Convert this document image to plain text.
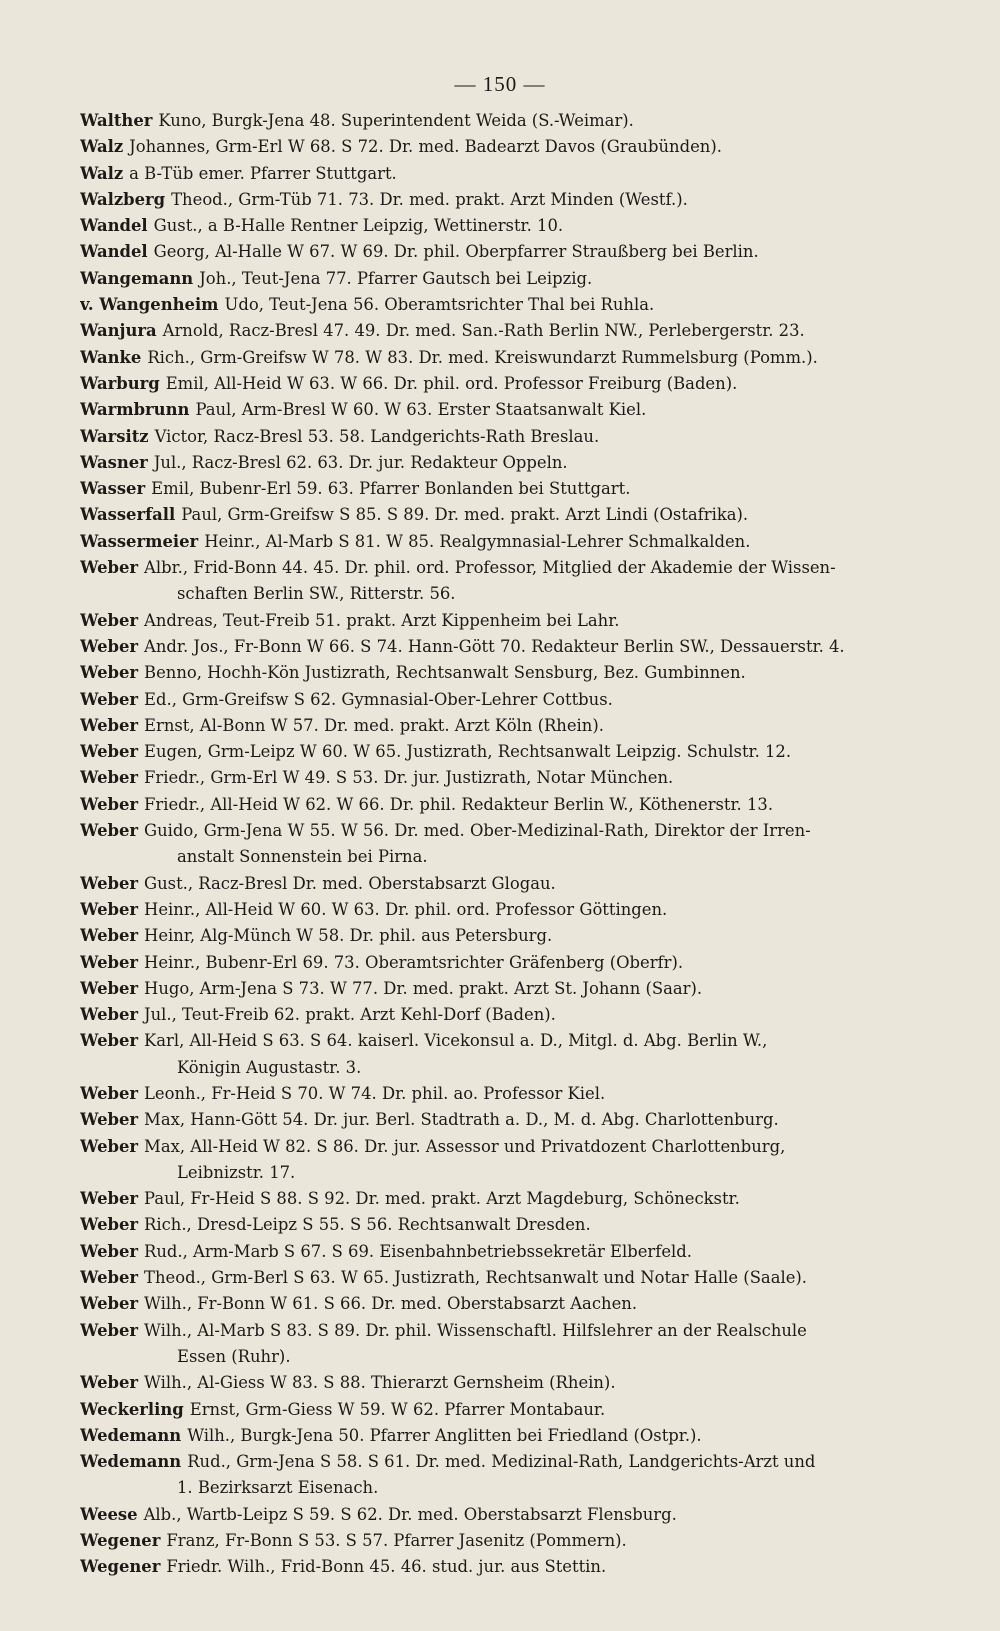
— 150 —
Walther Kuno, Burgk-Jena 48. Superintendent Weida (S.-Weimar).
Walz Johannes, Grm-Erl W 68. S 72. Dr. med. Badearzt Davos (Graubünden).
Walz a B-Tüb emer. Pfarrer Stuttgart.
Walzberg Theod., Grm-Tüb 71. 73. Dr. med. prakt. Arzt Minden (Westf.).
Wandel Gust., a B-Halle Rentner Leipzig, Wettinerstr. 10.
Wandel Georg, Al-Halle W 67. W 69. Dr. phil. Oberpfarrer Straußberg bei Berlin.
Wangemann Joh., Teut-Jena 77. Pfarrer Gautsch bei Leipzig.
v. Wangenheim Udo, Teut-Jena 56. Oberamtsrichter Thal bei Ruhla.
Wanjura Arnold, Racz-Bresl 47. 49. Dr. med. San.-Rath Berlin NW., Perlebergerstr. 23.
Wanke Rich., Grm-Greifsw W 78. W 83. Dr. med. Kreiswundarzt Rummelsburg (Pomm.).
Warburg Emil, All-Heid W 63. W 66. Dr. phil. ord. Professor Freiburg (Baden).
Warmbrunn Paul, Arm-Bresl W 60. W 63. Erster Staatsanwalt Kiel.
Warsitz Victor, Racz-Bresl 53. 58. Landgerichts-Rath Breslau.
Wasner Jul., Racz-Bresl 62. 63. Dr. jur. Redakteur Oppeln.
Wasser Emil, Bubenr-Erl 59. 63. Pfarrer Bonlanden bei Stuttgart.
Wasserfall Paul, Grm-Greifsw S 85. S 89. Dr. med. prakt. Arzt Lindi (Ostafrika).
Wassermeier Heinr., Al-Marb S 81. W 85. Realgymnasial-Lehrer Schmalkalden.
Weber Albr., Frid-Bonn 44. 45. Dr. phil. ord. Professor, Mitglied der Akademie der Wissen-
schaften Berlin SW., Ritterstr. 56.
Weber Andreas, Teut-Freib 51. prakt. Arzt Kippenheim bei Lahr.
Weber Andr. Jos., Fr-Bonn W 66. S 74. Hann-Gött 70. Redakteur Berlin SW., Dessauerstr. 4.
Weber Benno, Hochh-Kön Justizrath, Rechtsanwalt Sensburg, Bez. Gumbinnen.
Weber Ed., Grm-Greifsw S 62. Gymnasial-Ober-Lehrer Cottbus.
Weber Ernst, Al-Bonn W 57. Dr. med. prakt. Arzt Köln (Rhein).
Weber Eugen, Grm-Leipz W 60. W 65. Justizrath, Rechtsanwalt Leipzig. Schulstr. 12.
Weber Friedr., Grm-Erl W 49. S 53. Dr. jur. Justizrath, Notar München.
Weber Friedr., All-Heid W 62. W 66. Dr. phil. Redakteur Berlin W., Köthenerstr. 13.
Weber Guido, Grm-Jena W 55. W 56. Dr. med. Ober-Medizinal-Rath, Direktor der Irren-
anstalt Sonnenstein bei Pirna.
Weber Gust., Racz-Bresl Dr. med. Oberstabsarzt Glogau.
Weber Heinr., All-Heid W 60. W 63. Dr. phil. ord. Professor Göttingen.
Weber Heinr, Alg-Münch W 58. Dr. phil. aus Petersburg.
Weber Heinr., Bubenr-Erl 69. 73. Oberamtsrichter Gräfenberg (Oberfr).
Weber Hugo, Arm-Jena S 73. W 77. Dr. med. prakt. Arzt St. Johann (Saar).
Weber Jul., Teut-Freib 62. prakt. Arzt Kehl-Dorf (Baden).
Weber Karl, All-Heid S 63. S 64. kaiserl. Vicekonsul a. D., Mitgl. d. Abg. Berlin W.,
Königin Augustastr. 3.
Weber Leonh., Fr-Heid S 70. W 74. Dr. phil. ao. Professor Kiel.
Weber Max, Hann-Gött 54. Dr. jur. Berl. Stadtrath a. D., M. d. Abg. Charlottenburg.
Weber Max, All-Heid W 82. S 86. Dr. jur. Assessor und Privatdozent Charlottenburg,
Leibnizstr. 17.
Weber Paul, Fr-Heid S 88. S 92. Dr. med. prakt. Arzt Magdeburg, Schöneckstr.
Weber Rich., Dresd-Leipz S 55. S 56. Rechtsanwalt Dresden.
Weber Rud., Arm-Marb S 67. S 69. Eisenbahnbetriebssekretär Elberfeld.
Weber Theod., Grm-Berl S 63. W 65. Justizrath, Rechtsanwalt und Notar Halle (Saale).
Weber Wilh., Fr-Bonn W 61. S 66. Dr. med. Oberstabsarzt Aachen.
Weber Wilh., Al-Marb S 83. S 89. Dr. phil. Wissenschaftl. Hilfslehrer an der Realschule
Essen (Ruhr).
Weber Wilh., Al-Giess W 83. S 88. Thierarzt Gernsheim (Rhein).
Weckerling Ernst, Grm-Giess W 59. W 62. Pfarrer Montabaur.
Wedemann Wilh., Burgk-Jena 50. Pfarrer Anglitten bei Friedland (Ostpr.).
Wedemann Rud., Grm-Jena S 58. S 61. Dr. med. Medizinal-Rath, Landgerichts-Arzt und
1. Bezirksarzt Eisenach.
Weese Alb., Wartb-Leipz S 59. S 62. Dr. med. Oberstabsarzt Flensburg.
Wegener Franz, Fr-Bonn S 53. S 57. Pfarrer Jasenitz (Pommern).
Wegener Friedr. Wilh., Frid-Bonn 45. 46. stud. jur. aus Stettin.
